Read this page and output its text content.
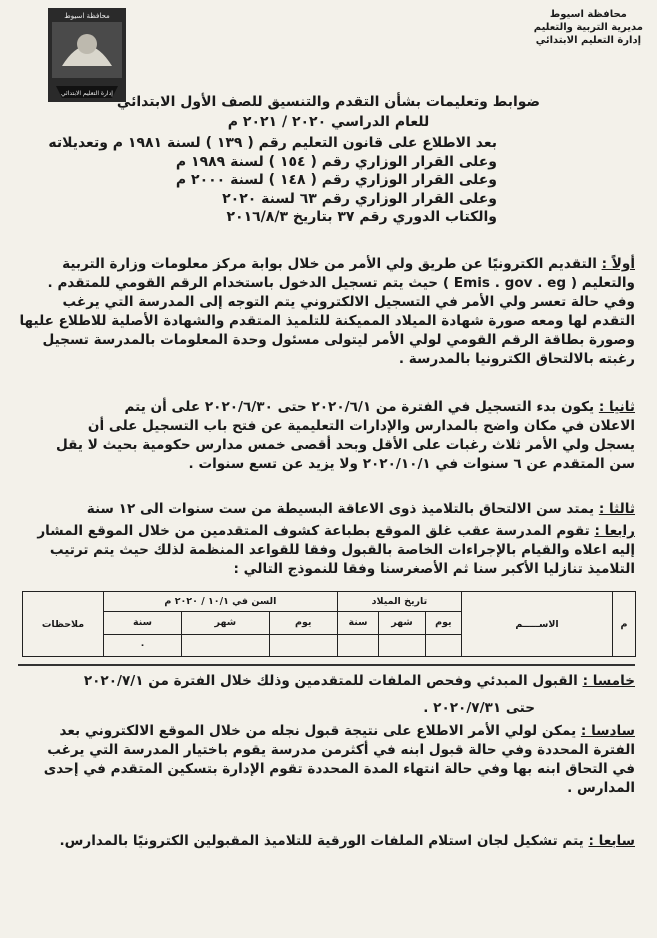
محافظة اسيوط
مديرية التربية والتعليم
إدارة التعليم الابتدائي
محافظة اسيوط
إدارة التعليم الابتدائي
ضوابط وتعليمات بشأن التقدم والتنسيق للصف الأول الابتدائي
للعام الدراسي ٢٠٢٠ / ٢٠٢١ م
بعد الاطلاع على قانون التعليم رقم ( ١٣٩ ) لسنة ١٩٨١ م وتعديلاته
وعلى القرار الوزاري رقم ( ١٥٤ ) لسنة ١٩٨٩ م
وعلى القرار الوزاري رقم ( ١٤٨ ) لسنة ٢٠٠٠ م
وعلى القرار الوزاري رقم ٦٣ لسنة ٢٠٢٠
والكتاب الدوري رقم ٣٧ بتاريخ ٢٠١٦/٨/٣
أولاً : التقديم الكترونيًا عن طريق ولي الأمر من خلال بوابة مركز معلومات وزارة التربية
والتعليم ( Emis . gov . eg ) حيث يتم تسجيل الدخول باستخدام الرقم القومي للمتقدم .
وفي حالة تعسر ولي الأمر في التسجيل الالكتروني يتم التوجه إلى المدرسة التي يرغب
التقدم لها ومعه صورة شهادة الميلاد المميكنة للتلميذ المتقدم والشهادة الأصلية للاطلاع عليها
وصورة بطاقة الرقم القومي لولي الأمر ليتولى مسئول وحدة المعلومات بالمدرسة تسجيل
رغبته بالالتحاق الكترونيا بالمدرسة .
ثانيا : يكون بدء التسجيل في الفترة من ٢٠٢٠/٦/١ حتى ٢٠٢٠/٦/٣٠ على أن يتم
الاعلان في مكان واضح بالمدارس والإدارات التعليمية عن فتح باب التسجيل على أن
يسجل ولي الأمر ثلاث رغبات على الأقل وبحد أقصى خمس مدارس حكومية بحيث لا يقل
سن المتقدم عن ٦ سنوات في ٢٠٢٠/١٠/١ ولا يزيد عن تسع سنوات .
ثالثا : يمتد سن الالتحاق بالتلاميذ ذوى الاعاقة البسيطة من ست سنوات الى ١٢ سنة
رابعا : تقوم المدرسة عقب غلق الموقع بطباعة كشوف المتقدمين من خلال الموقع المشار
إليه اعلاه والقيام بالإجراءات الخاصة بالقبول وفقا للقواعد المنظمة لذلك حيث يتم ترتيب
التلاميذ تنازليا الأكبر سنا ثم الأصغرسنا وفقا للنموذج التالي :
م	الاســـــم	تاريخ الميلاد			السن في ١٠/١ / ٢٠٢٠ م			ملاحظات
		يوم	شهر	سنة	يوم	شهر	سنة	
							٠	
خامسا : القبول المبدئي وفحص الملفات للمتقدمين وذلك خلال الفترة من ٢٠٢٠/٧/١
حتى ٢٠٢٠/٧/٣١ .
سادسا : يمكن لولي الأمر الاطلاع على نتيجة قبول نجله من خلال الموقع الالكتروني بعد
الفترة المحددة وفي حالة قبول ابنه في أكثرمن مدرسة يقوم باختيار المدرسة التي يرغب
في التحاق ابنه بها وفي حالة انتهاء المدة المحددة تقوم الإدارة بتسكين المتقدم في إحدى
المدارس .
سابعا : يتم تشكيل لجان استلام الملفات الورقية للتلاميذ المقبولين الكترونيًا بالمدارس.
